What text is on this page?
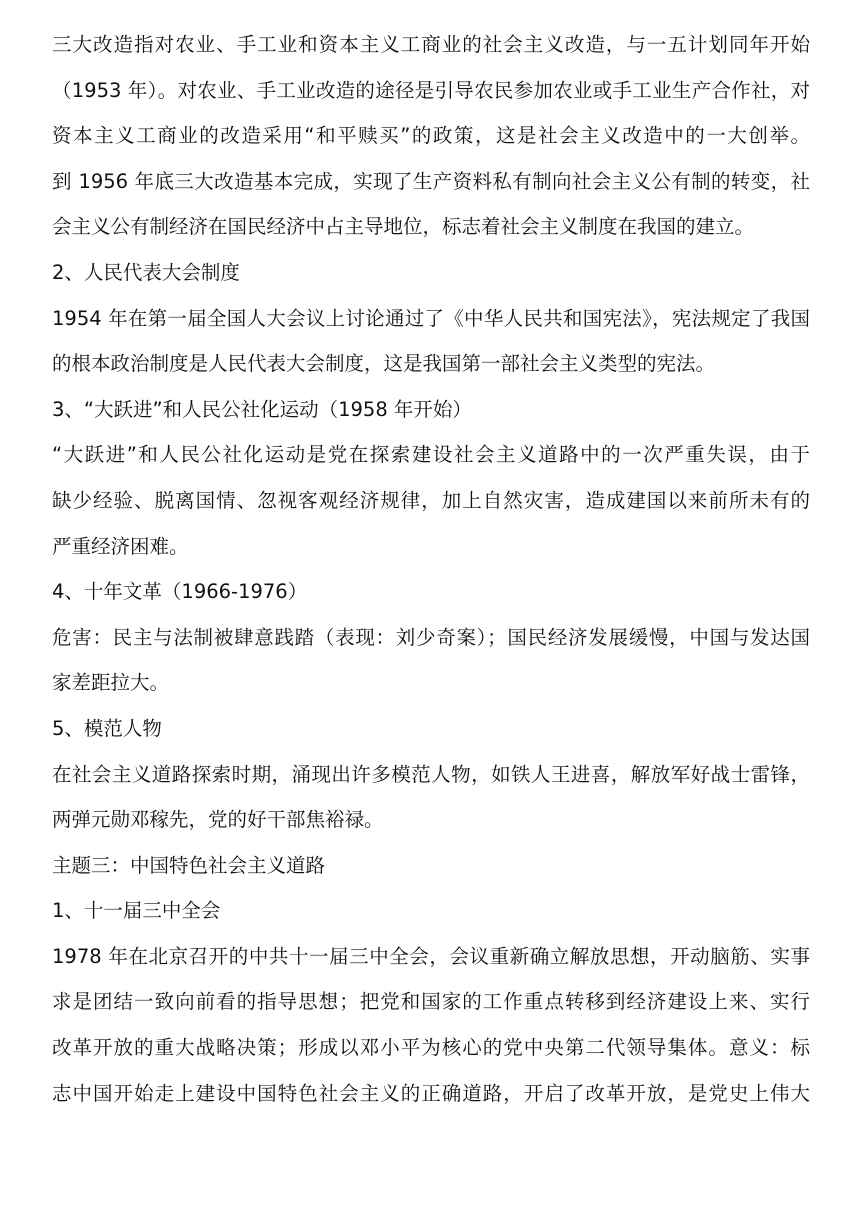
三大改造指对农业、手工业和资本主义工商业的社会主义改造，与一五计划同年开始
（1953 年）。对农业、手工业改造的途径是引导农民参加农业或手工业生产合作社，对
资本主义工商业的改造采用“和平赎买”的政策，这是社会主义改造中的一大创举。
到 1956 年底三大改造基本完成，实现了生产资料私有制向社会主义公有制的转变，社
会主义公有制经济在国民经济中占主导地位，标志着社会主义制度在我国的建立。
2、人民代表大会制度
1954 年在第一届全国人大会议上讨论通过了《中华人民共和国宪法》，宪法规定了我国
的根本政治制度是人民代表大会制度，这是我国第一部社会主义类型的宪法。
3、“大跃进”和人民公社化运动（1958 年开始）
“大跃进”和人民公社化运动是党在探索建设社会主义道路中的一次严重失误，由于
缺少经验、脱离国情、忽视客观经济规律，加上自然灾害，造成建国以来前所未有的
严重经济困难。
4、十年文革（1966-1976）
危害：民主与法制被肆意践踏（表现：刘少奇案）；国民经济发展缓慢，中国与发达国
家差距拉大。
5、模范人物
在社会主义道路探索时期，涌现出许多模范人物，如铁人王进喜，解放军好战士雷锋，
两弹元勋邓稼先，党的好干部焦裕禄。
主题三：中国特色社会主义道路
1、十一届三中全会
1978 年在北京召开的中共十一届三中全会，会议重新确立解放思想，开动脑筋、实事
求是团结一致向前看的指导思想；把党和国家的工作重点转移到经济建设上来、实行
改革开放的重大战略决策；形成以邓小平为核心的党中央第二代领导集体。意义：标
志中国开始走上建设中国特色社会主义的正确道路，开启了改革开放，是党史上伟大
